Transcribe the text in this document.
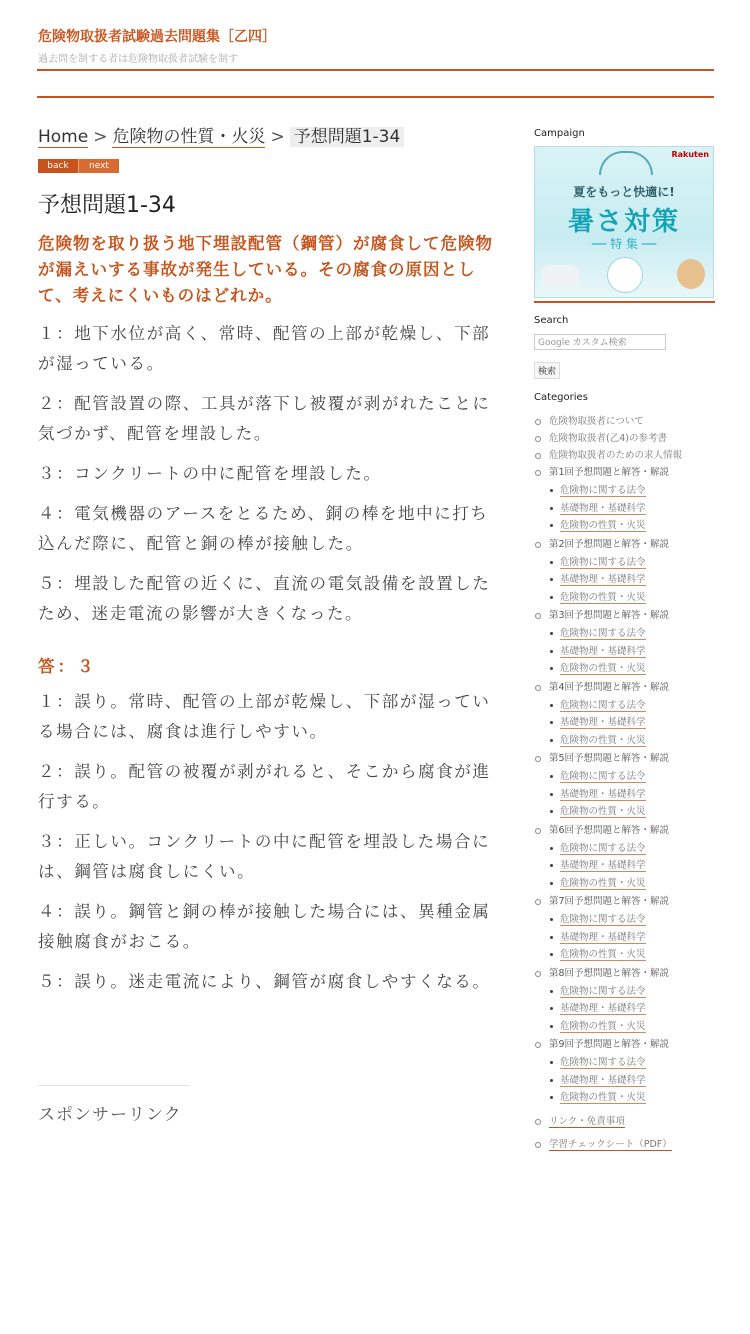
危険物取扱者試験過去問題集［乙四］
過去問を制する者は危険物取扱者試験を制す
Home > 危険物の性質・火災 > 予想問題1-34
back	next
予想問題1-34
危険物を取り扱う地下埋設配管（鋼管）が腐食して危険物が漏えいする事故が発生している。その腐食の原因として、考えにくいものはどれか。
１：地下水位が高く、常時、配管の上部が乾燥し、下部が湿っている。
２：配管設置の際、工具が落下し被覆が剥がれたことに気づかず、配管を埋設した。
３：コンクリートの中に配管を埋設した。
４：電気機器のアースをとるため、銅の棒を地中に打ち込んだ際に、配管と銅の棒が接触した。
５：埋設した配管の近くに、直流の電気設備を設置したため、迷走電流の影響が大きくなった。
答：３
１：誤り。常時、配管の上部が乾燥し、下部が湿っている場合には、腐食は進行しやすい。
２：誤り。配管の被覆が剥がれると、そこから腐食が進行する。
３：正しい。コンクリートの中に配管を埋設した場合には、鋼管は腐食しにくい。
４：誤り。鋼管と銅の棒が接触した場合には、異種金属接触腐食がおこる。
５：誤り。迷走電流により、鋼管が腐食しやすくなる。
スポンサーリンク
Campaign
Rakuten
夏をもっと快適に!
暑さ対策
── 特 集 ──
Search
Google カスタム検索
検索
Categories
危険物取扱者について
危険物取扱者(乙4)の参考書
危険物取扱者のための求人情報
第1回予想問題と解答・解説
危険物に関する法令
基礎物理・基礎科学
危険物の性質・火災
第2回予想問題と解答・解説
危険物に関する法令
基礎物理・基礎科学
危険物の性質・火災
第3回予想問題と解答・解説
危険物に関する法令
基礎物理・基礎科学
危険物の性質・火災
第4回予想問題と解答・解説
危険物に関する法令
基礎物理・基礎科学
危険物の性質・火災
第5回予想問題と解答・解説
危険物に関する法令
基礎物理・基礎科学
危険物の性質・火災
第6回予想問題と解答・解説
危険物に関する法令
基礎物理・基礎科学
危険物の性質・火災
第7回予想問題と解答・解説
危険物に関する法令
基礎物理・基礎科学
危険物の性質・火災
第8回予想問題と解答・解説
危険物に関する法令
基礎物理・基礎科学
危険物の性質・火災
第9回予想問題と解答・解説
危険物に関する法令
基礎物理・基礎科学
危険物の性質・火災
リンク・免責事項
学習チェックシート（PDF）
